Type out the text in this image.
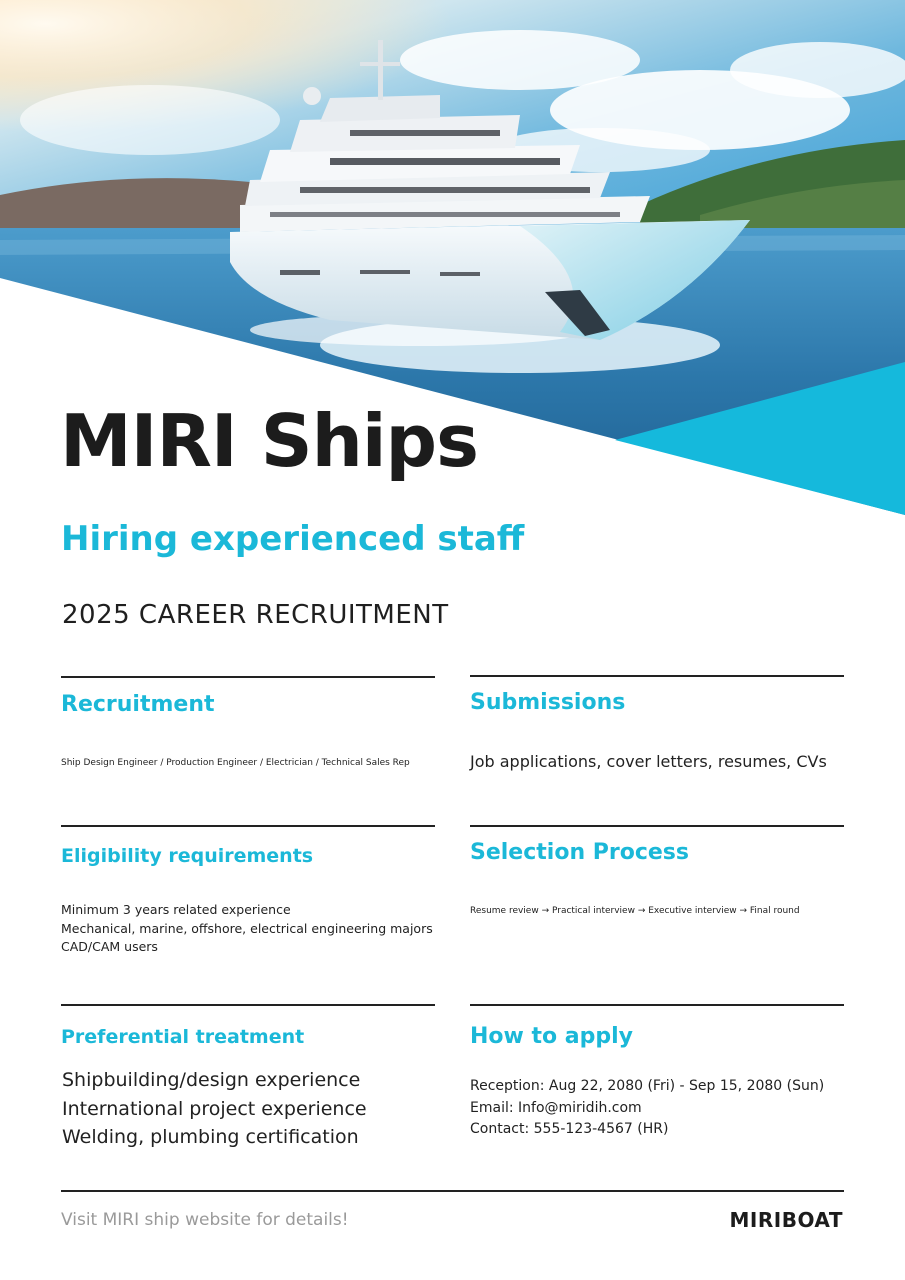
MIRI Ships
Hiring experienced staff

2025 CAREER RECRUITMENT

Recruitment

Ship Design Engineer / Production Engineer / Electrician / Technical Sales Rep

Submissions

Job applications, cover letters, resumes, CVs

Eligibility requirements

Minimum 3 years related experience
Mechanical, marine, offshore, electrical engineering majors
CAD/CAM users

Selection Process

Resume review → Practical interview → Executive interview → Final round

Preferential treatment

Shipbuilding/design experience
International project experience
Welding, plumbing certification

How to apply

Reception: Aug 22, 2080 (Fri) - Sep 15, 2080 (Sun)
Email: Info@miridih.com
Contact: 555-123-4567 (HR)

Visit MIRI ship website for details!	MIRIBOAT
